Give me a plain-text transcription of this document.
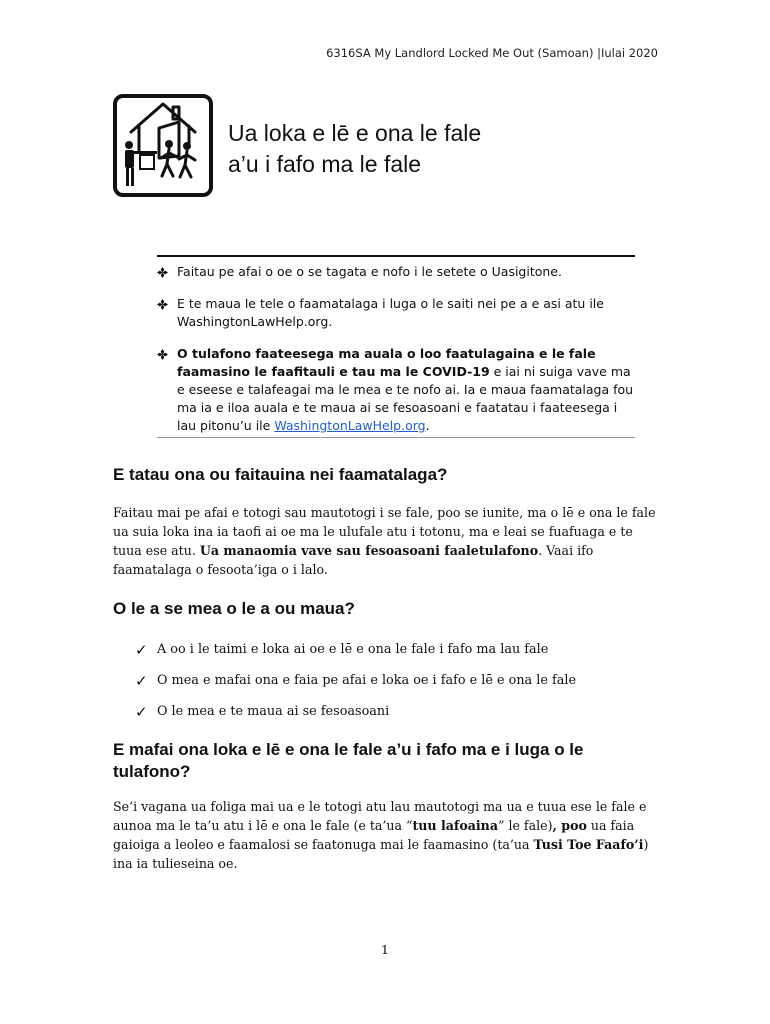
6316SA My Landlord Locked Me Out (Samoan) |Iulai 2020
Ua loka e lē e ona le fale
a’u i fafo ma le fale
Faitau pe afai o oe o se tagata e nofo i le setete o Uasigitone.
E te maua le tele o faamatalaga i luga o le saiti nei pe a e asi atu ile WashingtonLawHelp.org.
O tulafono faateesega ma auala o loo faatulagaina e le fale faamasino le faafitauli e tau ma le COVID-19 e iai ni suiga vave ma e eseese e talafeagai ma le mea e te nofo ai. Ia e maua faamatalaga fou ma ia e iloa auala e te maua ai se fesoasoani e faatatau i faateesega i lau pitonu’u ile WashingtonLawHelp.org.
E tatau ona ou faitauina nei faamatalaga?
Faitau mai pe afai e totogi sau mautotogi i se fale, poo se iunite, ma o lē e ona le fale ua suia loka ina ia taofi ai oe ma le ulufale atu i totonu, ma e leai se fuafuaga e te tuua ese atu. Ua manaomia vave sau fesoasoani faaletulafono. Vaai ifo faamatalaga o fesoota’iga o i lalo.
O le a se mea o le a ou maua?
✓ A oo i le taimi e loka ai oe e lē e ona le fale i fafo ma lau fale
✓ O mea e mafai ona e faia pe afai e loka oe i fafo e lē e ona le fale
✓ O le mea e te maua ai se fesoasoani
E mafai ona loka e lē e ona le fale a’u i fafo ma e i luga o le
tulafono?
Se’i vagana ua foliga mai ua e le totogi atu lau mautotogi ma ua e tuua ese le fale e aunoa ma le ta’u atu i lē e ona le fale (e ta’ua “tuu lafoaina” le fale), poo ua faia gaioiga a leoleo e faamalosi se faatonuga mai le faamasino (ta’ua Tusi Toe Faafo’i) ina ia tulieseina oe.
1
